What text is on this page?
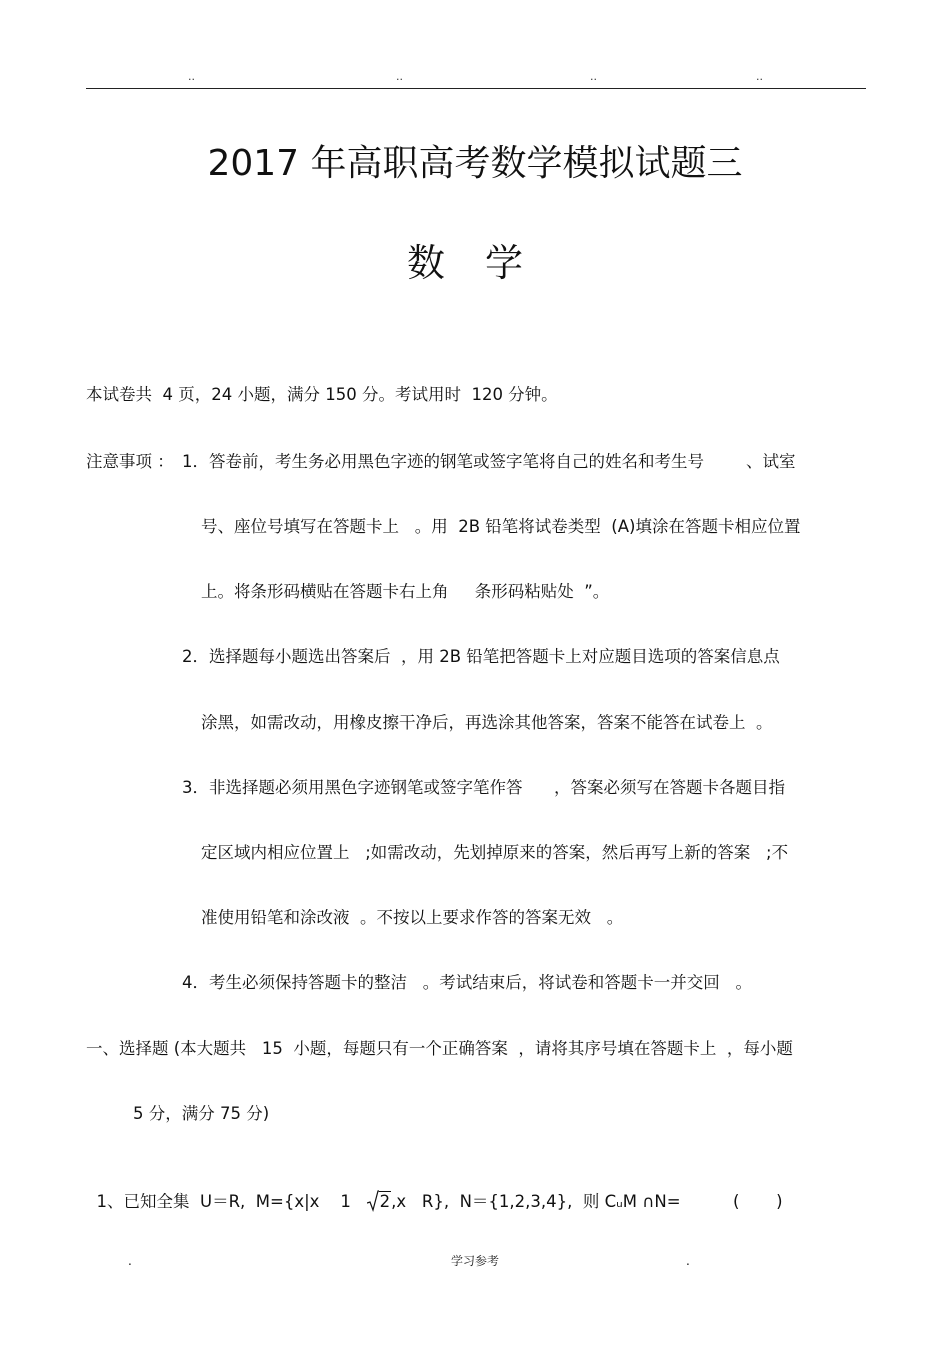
..	..	..	..
2017 年高职高考数学模拟试题三
数学
本试卷共  4 页，24 小题，满分 150 分。考试用时  120 分钟。
注意事项 ： 1．答卷前，考生务必用黑色字迹的钢笔或签字笔将自己的姓名和考生号        、试室
号、座位号填写在答题卡上   。用  2B 铅笔将试卷类型  (A)填涂在答题卡相应位置
上。将条形码横贴在答题卡右上角     条形码粘贴处  ”。
2．选择题每小题选出答案后  ，用 2B 铅笔把答题卡上对应题目选项的答案信息点
涂黑，如需改动，用橡皮擦干净后，再选涂其他答案，答案不能答在试卷上  。
3．非选择题必须用黑色字迹钢笔或签字笔作答      ，答案必须写在答题卡各题目指
定区域内相应位置上   ;如需改动，先划掉原来的答案，然后再写上新的答案   ;不
准使用铅笔和涂改液  。不按以上要求作答的答案无效   。
4．考生必须保持答题卡的整洁   。考试结束后，将试卷和答题卡一并交回   。
一、选择题 (本大题共   15  小题，每题只有一个正确答案  ，请将其序号填在答题卡上  ，每小题
5 分，满分 75 分)

1、已知全集  U＝R,  M={x|x    1   2,x   R},  N＝{1,2,3,4},  则 CᵤM ∩N=          (       )

.	学习参考	.
